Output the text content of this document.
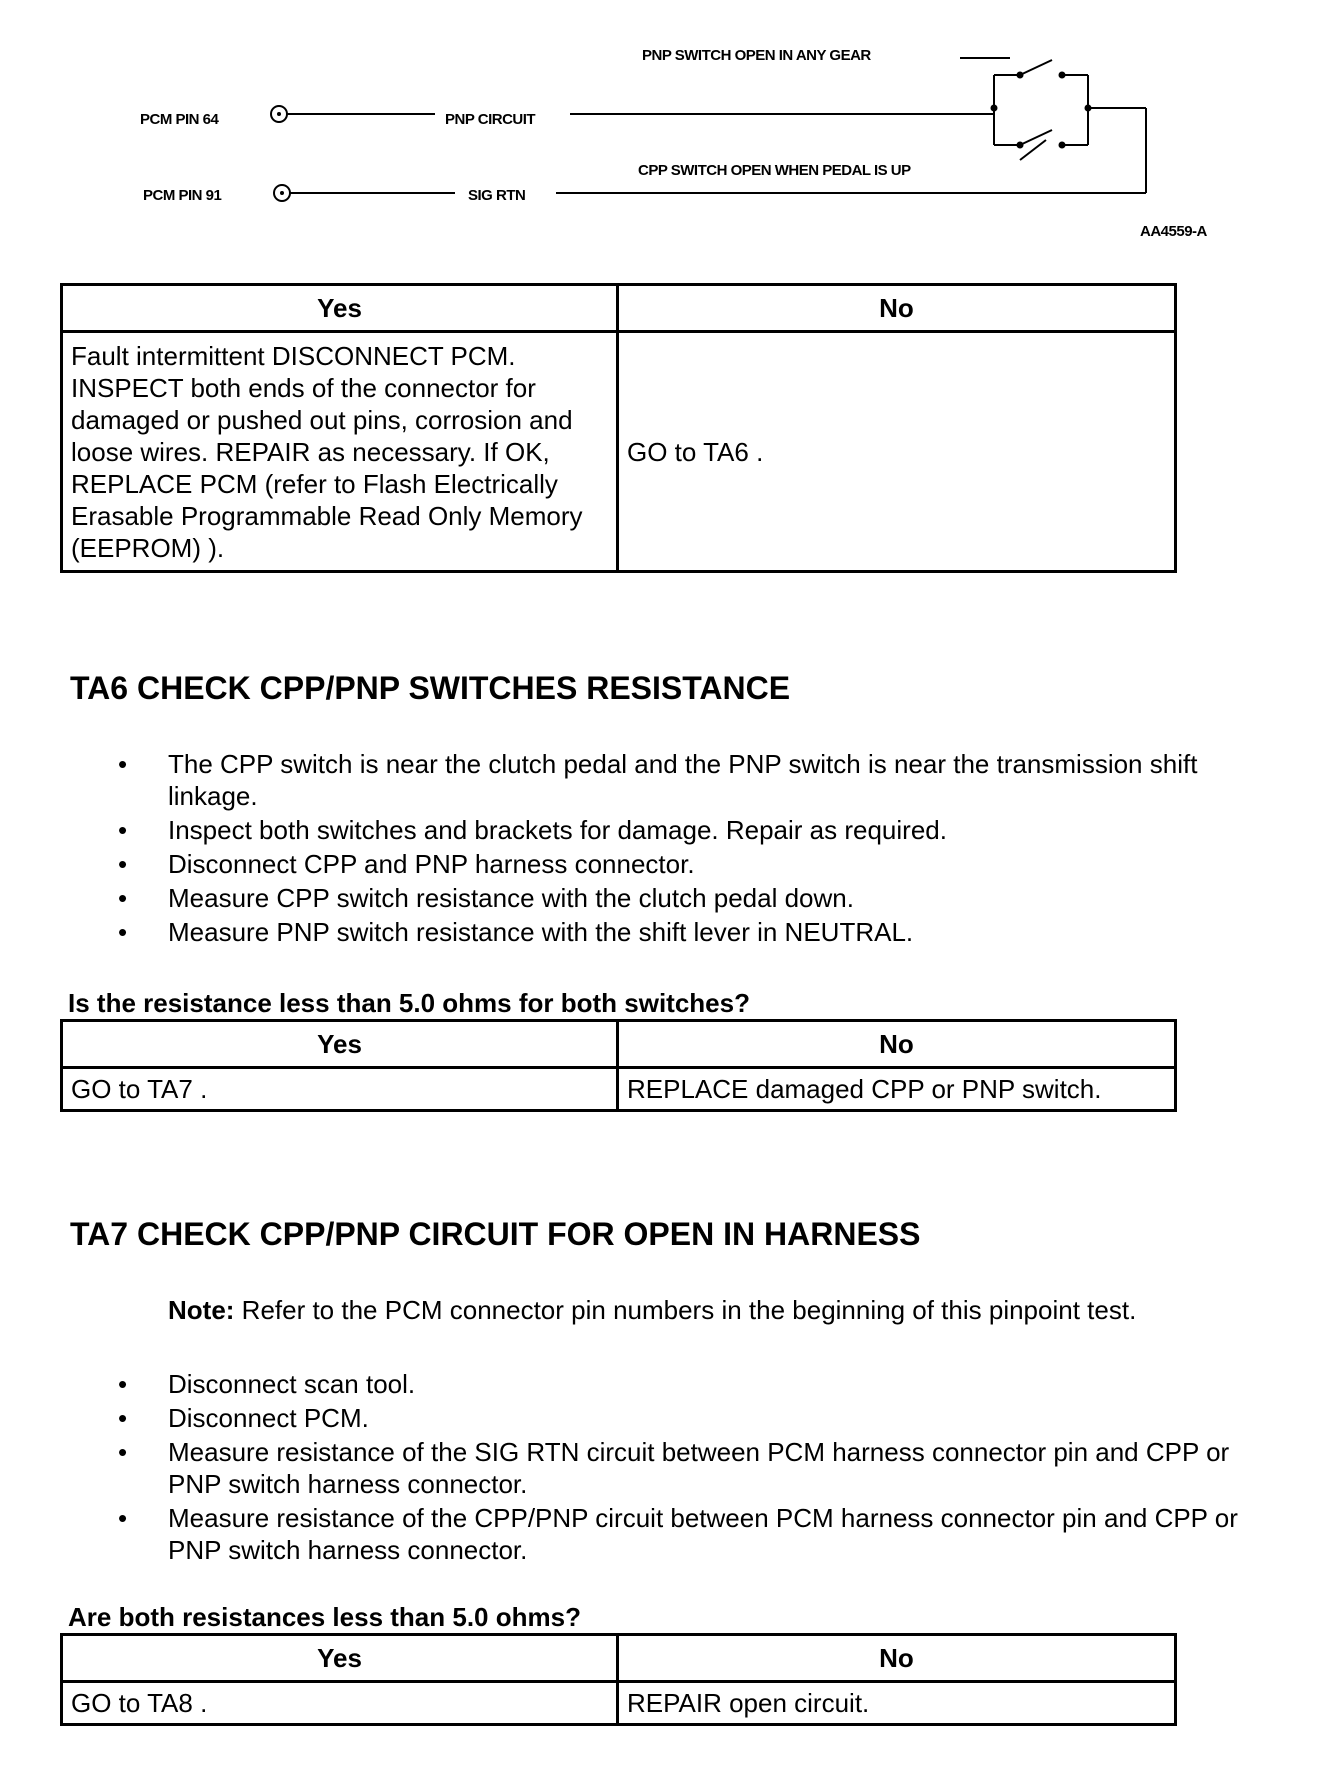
PCM PIN 64
PCM PIN 91
PNP CIRCUIT
SIG RTN
PNP SWITCH OPEN IN ANY GEAR
CPP SWITCH OPEN WHEN PEDAL IS UP
AA4559-A
Yes	No
Fault intermittent DISCONNECT PCM. INSPECT both ends of the connector for damaged or pushed out pins, corrosion and loose wires. REPAIR as necessary. If OK, REPLACE PCM (refer to Flash Electrically Erasable Programmable Read Only Memory (EEPROM) ).	GO to TA6 .
TA6 CHECK CPP/PNP SWITCHES RESISTANCE
• The CPP switch is near the clutch pedal and the PNP switch is near the transmission shift linkage.
• Inspect both switches and brackets for damage. Repair as required.
• Disconnect CPP and PNP harness connector.
• Measure CPP switch resistance with the clutch pedal down.
• Measure PNP switch resistance with the shift lever in NEUTRAL.

Is the resistance less than 5.0 ohms for both switches?

Yes	No
GO to TA7 .	REPLACE damaged CPP or PNP switch.
TA7 CHECK CPP/PNP CIRCUIT FOR OPEN IN HARNESS

Note: Refer to the PCM connector pin numbers in the beginning of this pinpoint test.

• Disconnect scan tool.
• Disconnect PCM.
• Measure resistance of the SIG RTN circuit between PCM harness connector pin and CPP or PNP switch harness connector.
• Measure resistance of the CPP/PNP circuit between PCM harness connector pin and CPP or PNP switch harness connector.

Are both resistances less than 5.0 ohms?

Yes	No
GO to TA8 .	REPAIR open circuit.
